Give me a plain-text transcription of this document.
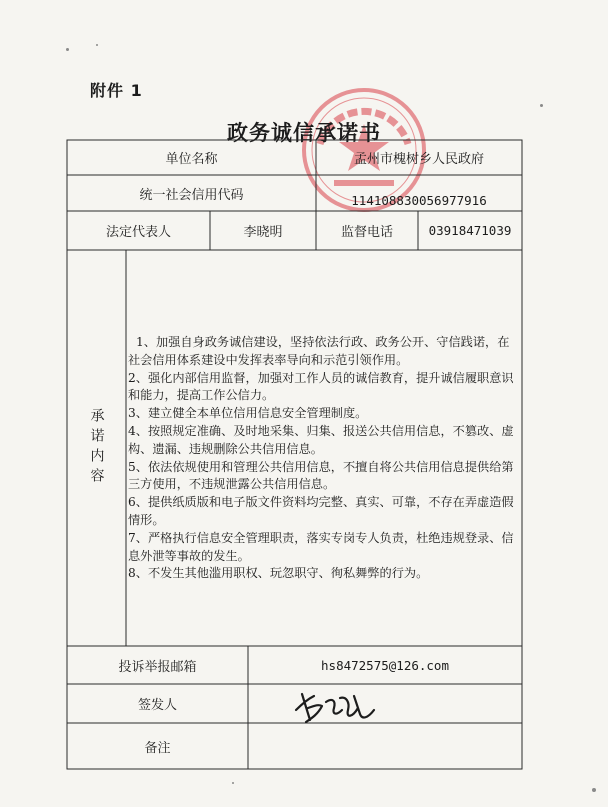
附件 1
政务诚信承诺书
单位名称	孟州市槐树乡人民政府
统一社会信用代码	114108830056977916
法定代表人	李晓明	监督电话	03918471039
承诺内容

1、加强自身政务诚信建设，坚持依法行政、政务公开、守信践诺，在社会信用体系建设中发挥表率导向和示范引领作用。

2、强化内部信用监督，加强对工作人员的诚信教育，提升诚信履职意识和能力，提高工作公信力。

3、建立健全本单位信用信息安全管理制度。

4、按照规定准确、及时地采集、归集、报送公共信用信息，不篡改、虚构、遗漏、违规删除公共信用信息。

5、依法依规使用和管理公共信用信息，不擅自将公共信用信息提供给第三方使用，不违规泄露公共信用信息。

6、提供纸质版和电子版文件资料均完整、真实、可靠，不存在弄虚造假情形。

7、严格执行信息安全管理职责，落实专岗专人负责，杜绝违规登录、信息外泄等事故的发生。

8、不发生其他滥用职权、玩忽职守、徇私舞弊的行为。

投诉举报邮箱	hs8472575@126.com
签发人
备注
